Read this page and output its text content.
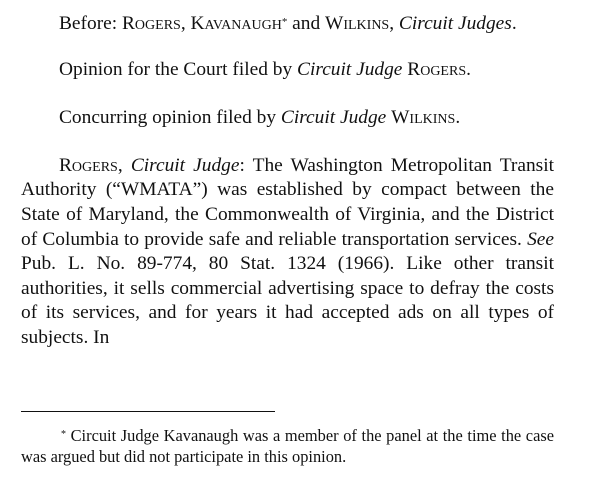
Before: Rogers, Kavanaugh* and Wilkins, Circuit Judges.

Opinion for the Court filed by Circuit Judge Rogers.

Concurring opinion filed by Circuit Judge Wilkins.

Rogers, Circuit Judge: The Washington Metropolitan Transit Authority (“WMATA”) was established by compact between the State of Maryland, the Commonwealth of Virginia, and the District of Columbia to provide safe and reliable transportation services. See Pub. L. No. 89-774, 80 Stat. 1324 (1966). Like other transit authorities, it sells commercial advertising space to defray the costs of its services, and for years it had accepted ads on all types of subjects. In

* Circuit Judge Kavanaugh was a member of the panel at the time the case was argued but did not participate in this opinion.
